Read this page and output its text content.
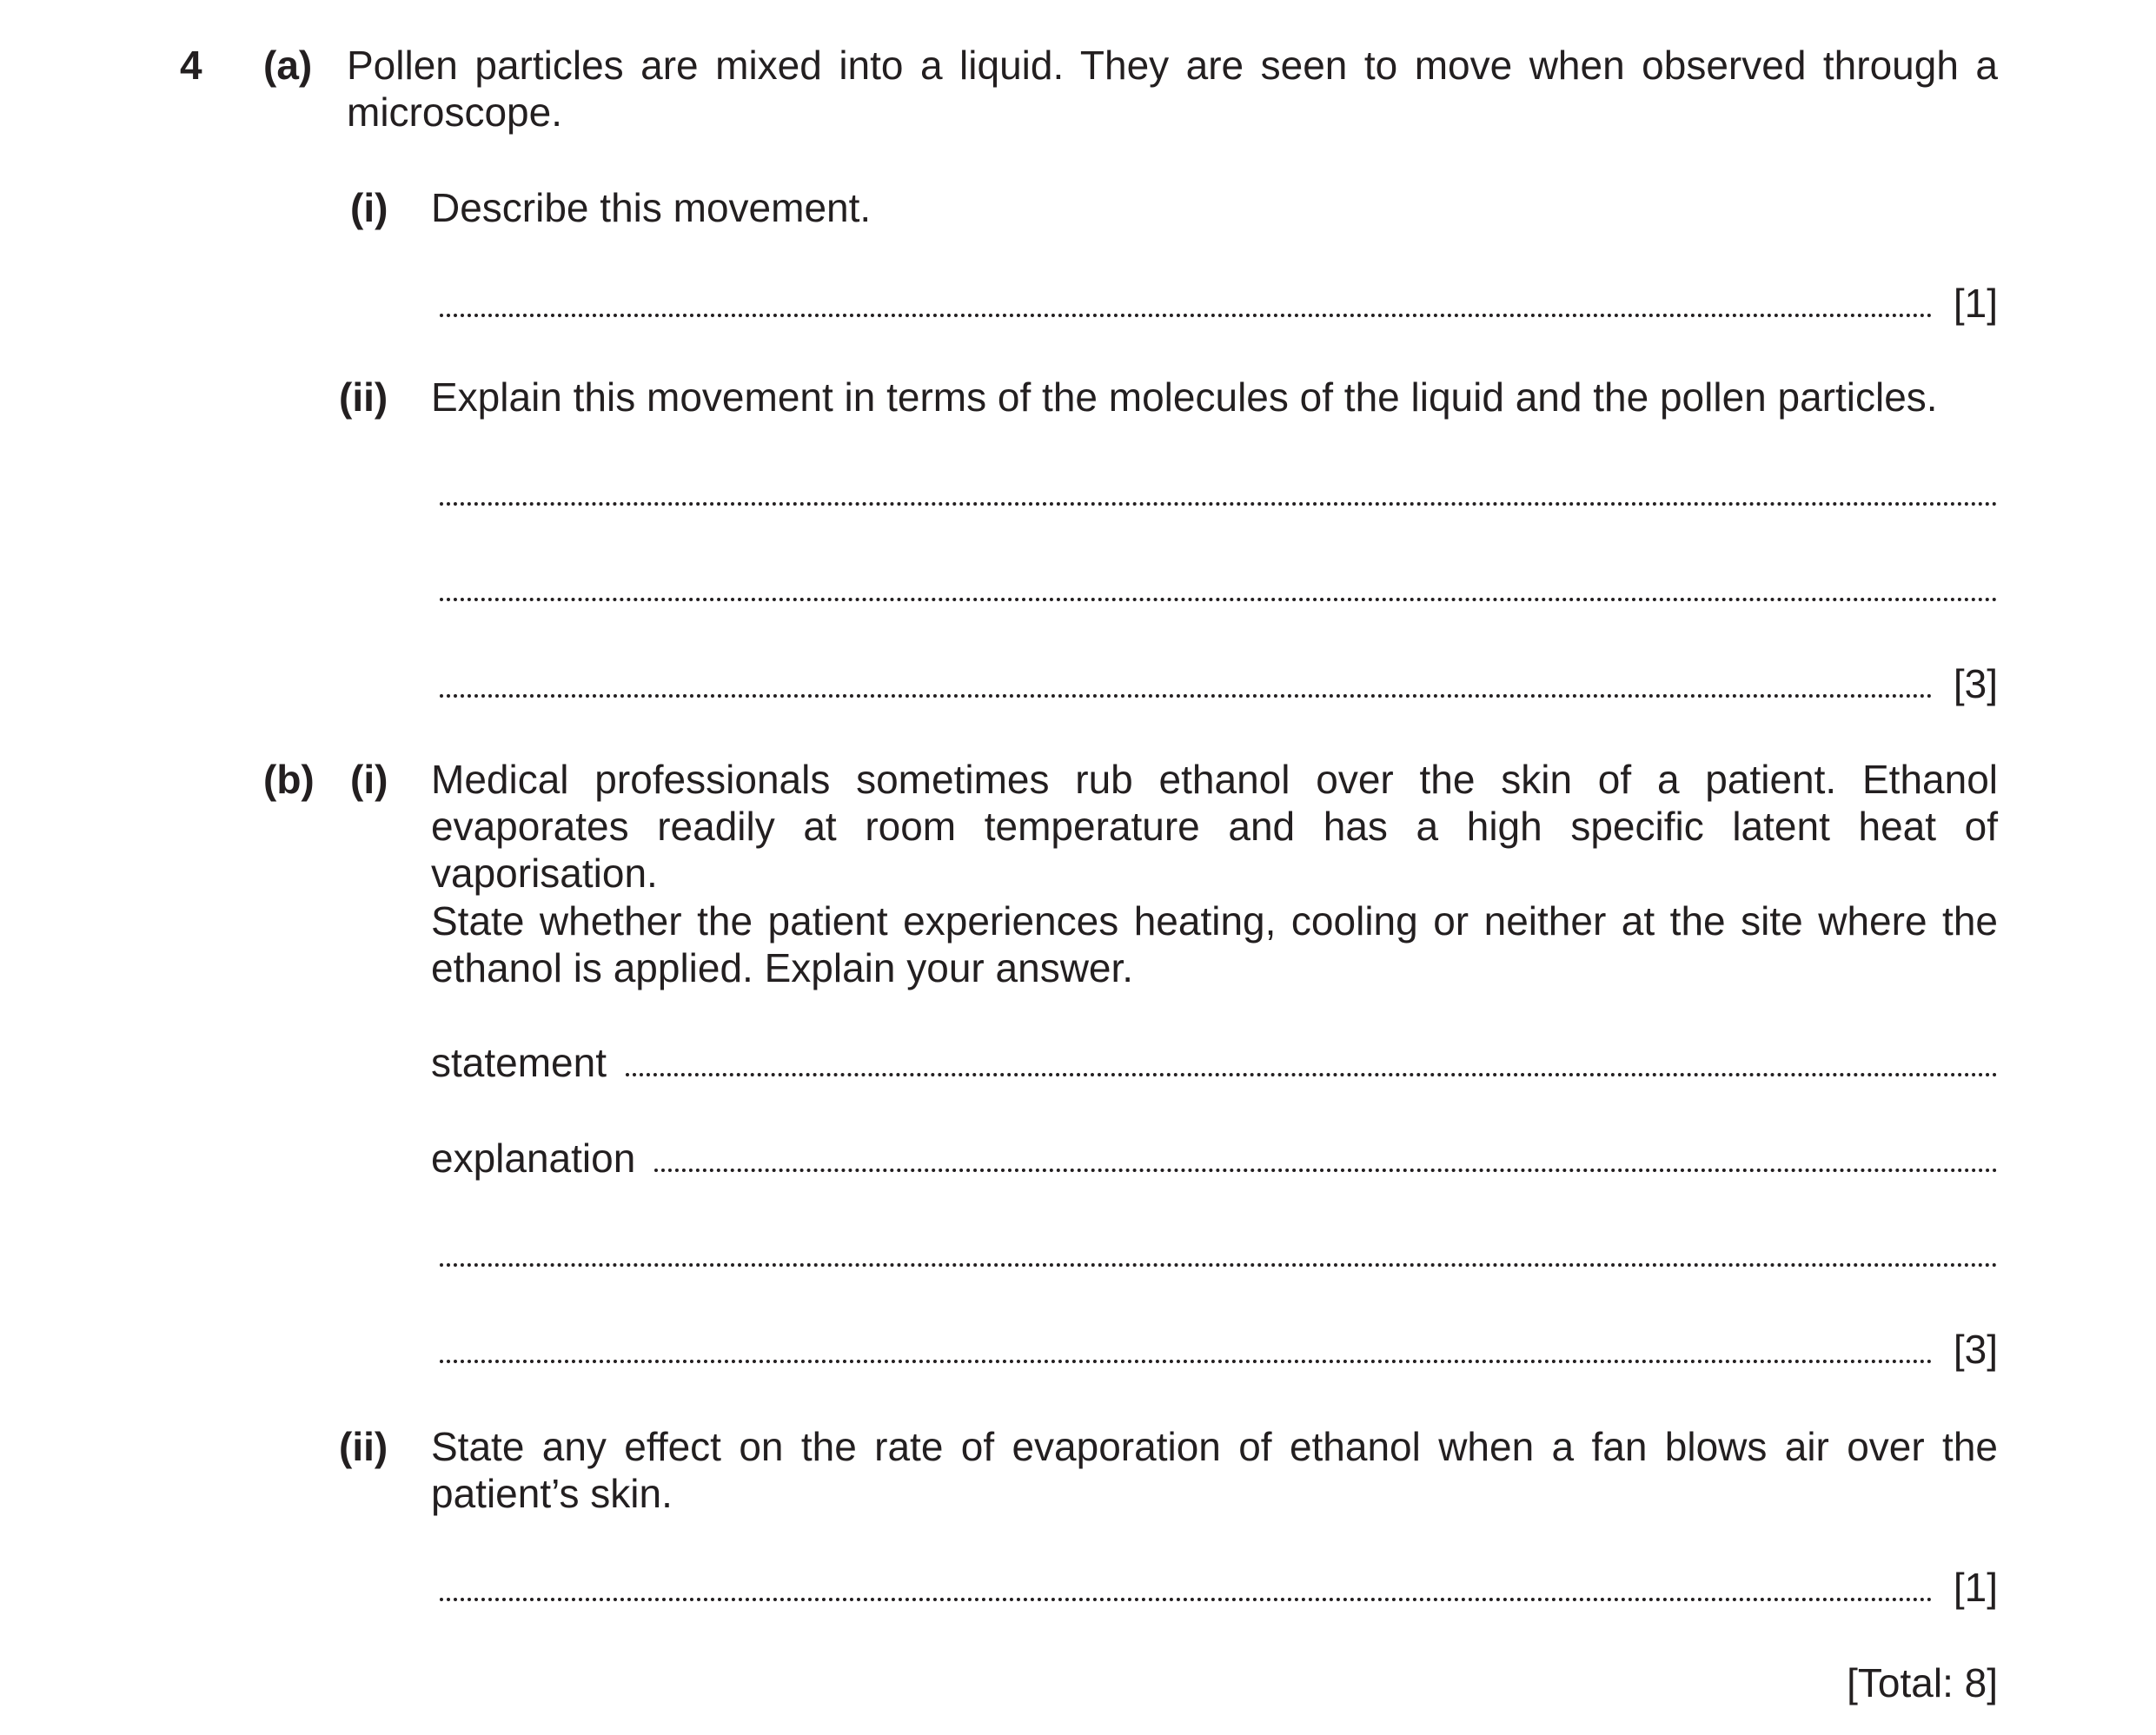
4 (a) Pollen particles are mixed into a liquid. They are seen to move when observed through a microscope.
(i) Describe this movement.
[1]
(ii) Explain this movement in terms of the molecules of the liquid and the pollen particles.
[3]
(b) (i) Medical professionals sometimes rub ethanol over the skin of a patient. Ethanol evaporates readily at room temperature and has a high specific latent heat of vaporisation.
State whether the patient experiences heating, cooling or neither at the site where the ethanol is applied. Explain your answer.
statement
explanation
[3]
(ii) State any effect on the rate of evaporation of ethanol when a fan blows air over the patient’s skin.
[1]
[Total: 8]
